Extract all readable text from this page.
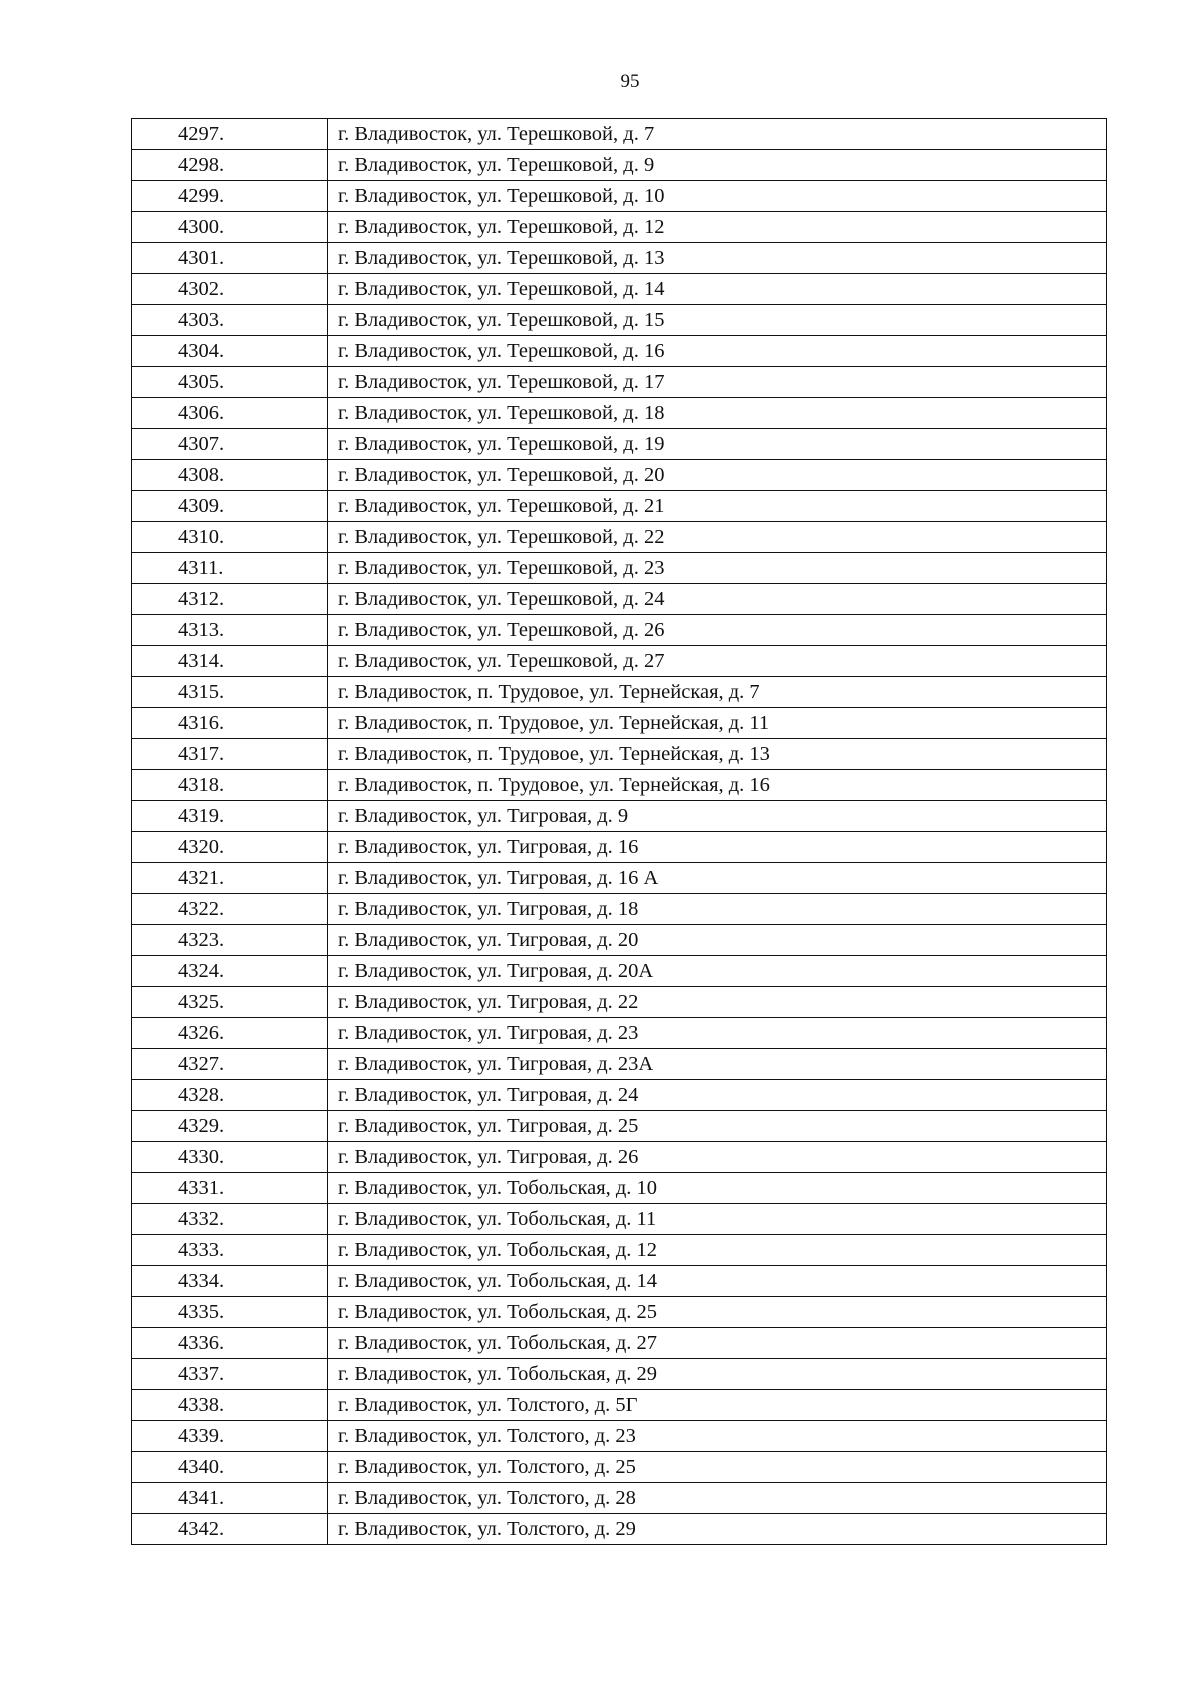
95
4297.	г. Владивосток, ул. Терешковой, д. 7
4298.	г. Владивосток, ул. Терешковой, д. 9
4299.	г. Владивосток, ул. Терешковой, д. 10
4300.	г. Владивосток, ул. Терешковой, д. 12
4301.	г. Владивосток, ул. Терешковой, д. 13
4302.	г. Владивосток, ул. Терешковой, д. 14
4303.	г. Владивосток, ул. Терешковой, д. 15
4304.	г. Владивосток, ул. Терешковой, д. 16
4305.	г. Владивосток, ул. Терешковой, д. 17
4306.	г. Владивосток, ул. Терешковой, д. 18
4307.	г. Владивосток, ул. Терешковой, д. 19
4308.	г. Владивосток, ул. Терешковой, д. 20
4309.	г. Владивосток, ул. Терешковой, д. 21
4310.	г. Владивосток, ул. Терешковой, д. 22
4311.	г. Владивосток, ул. Терешковой, д. 23
4312.	г. Владивосток, ул. Терешковой, д. 24
4313.	г. Владивосток, ул. Терешковой, д. 26
4314.	г. Владивосток, ул. Терешковой, д. 27
4315.	г. Владивосток, п. Трудовое, ул. Тернейская, д. 7
4316.	г. Владивосток, п. Трудовое, ул. Тернейская, д. 11
4317.	г. Владивосток, п. Трудовое, ул. Тернейская, д. 13
4318.	г. Владивосток, п. Трудовое, ул. Тернейская, д. 16
4319.	г. Владивосток, ул. Тигровая, д. 9
4320.	г. Владивосток, ул. Тигровая, д. 16
4321.	г. Владивосток, ул. Тигровая, д. 16 А
4322.	г. Владивосток, ул. Тигровая, д. 18
4323.	г. Владивосток, ул. Тигровая, д. 20
4324.	г. Владивосток, ул. Тигровая, д. 20А
4325.	г. Владивосток, ул. Тигровая, д. 22
4326.	г. Владивосток, ул. Тигровая, д. 23
4327.	г. Владивосток, ул. Тигровая, д. 23А
4328.	г. Владивосток, ул. Тигровая, д. 24
4329.	г. Владивосток, ул. Тигровая, д. 25
4330.	г. Владивосток, ул. Тигровая, д. 26
4331.	г. Владивосток, ул. Тобольская, д. 10
4332.	г. Владивосток, ул. Тобольская, д. 11
4333.	г. Владивосток, ул. Тобольская, д. 12
4334.	г. Владивосток, ул. Тобольская, д. 14
4335.	г. Владивосток, ул. Тобольская, д. 25
4336.	г. Владивосток, ул. Тобольская, д. 27
4337.	г. Владивосток, ул. Тобольская, д. 29
4338.	г. Владивосток, ул. Толстого, д. 5Г
4339.	г. Владивосток, ул. Толстого, д. 23
4340.	г. Владивосток, ул. Толстого, д. 25
4341.	г. Владивосток, ул. Толстого, д. 28
4342.	г. Владивосток, ул. Толстого, д. 29
